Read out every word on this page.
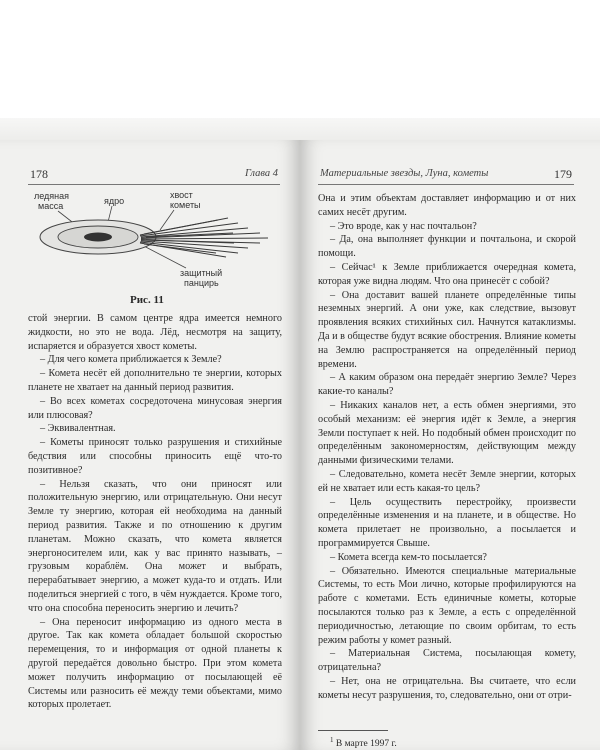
178	Глава 4
ледяная
масса	ядро
хвост
кометы
защитный
панцирь
Рис. 11

стой энергии. В самом центре ядра имеется немного жидкости, но это не вода. Лёд, несмотря на защиту, испаряется и образуется хвост кометы.

– Для чего комета приближается к Земле?

– Комета несёт ей дополнительно те энергии, которых планете не хватает на данный период развития.

– Во всех кометах сосредоточена минусовая энергия или плюсовая?

– Эквивалентная.

– Кометы приносят только разрушения и стихийные бедствия или способны приносить ещё что-то позитивное?

– Нельзя сказать, что они приносят или положительную энергию, или отрицательную. Они несут Земле ту энергию, которая ей необходима на данный период развития. Также и по отношению к другим планетам. Можно сказать, что комета является энергоносителем или, как у вас принято называть, – грузовым кораблём. Она может и выбрать, перерабатывает энергию, а может куда-то и отдать. Или поделиться энергией с того, в чём нуждается. Кроме того, что она способна переносить энергию и лечить?

– Она переносит информацию из одного места в другое. Так как комета обладает большой скоростью перемещения, то и информация от одной планеты к другой передаётся довольно быстро. При этом комета может получить информацию от посылающей её Системы или разносить её между теми объектами, мимо которых пролетает.

Материальные звезды, Луна, кометы	179

Она и этим объектам доставляет информацию и от них самих несёт другим.

– Это вроде, как у нас почтальон?

– Да, она выполняет функции и почтальона, и скорой помощи.

– Сейчас¹ к Земле приближается очередная комета, которая уже видна людям. Что она принесёт с собой?

– Она доставит вашей планете определённые типы неземных энергий. А они уже, как следствие, вызовут проявления всяких стихийных сил. Начнутся катаклизмы. Да и в обществе будут всякие обострения. Влияние кометы на Землю распространяется на определённый период времени.

– А каким образом она передаёт энергию Земле? Через какие-то каналы?

– Никаких каналов нет, а есть обмен энергиями, это особый механизм: её энергия идёт к Земле, а энергия Земли поступает к ней. Но подобный обмен происходит по определённым закономерностям, действующим между данными физическими телами.

– Следовательно, комета несёт Земле энергии, которых ей не хватает или есть какая-то цель?

– Цель осуществить перестройку, произвести определённые изменения и на планете, и в обществе. Но комета прилетает не произвольно, а посылается и программируется Свыше.

– Комета всегда кем-то посылается?

– Обязательно. Имеются специальные материальные Системы, то есть Мои лично, которые профилируются на работе с кометами. Есть единичные кометы, которые посылаются только раз к Земле, а есть с определённой периодичностью, летающие по своим орбитам, то есть режим работы у комет разный.

– Материальная Система, посылающая комету, отрицательна?

– Нет, она не отрицательна. Вы считаете, что если кометы несут разрушения, то, следовательно, они от отри-

$^1$ В марте 1997 г.
